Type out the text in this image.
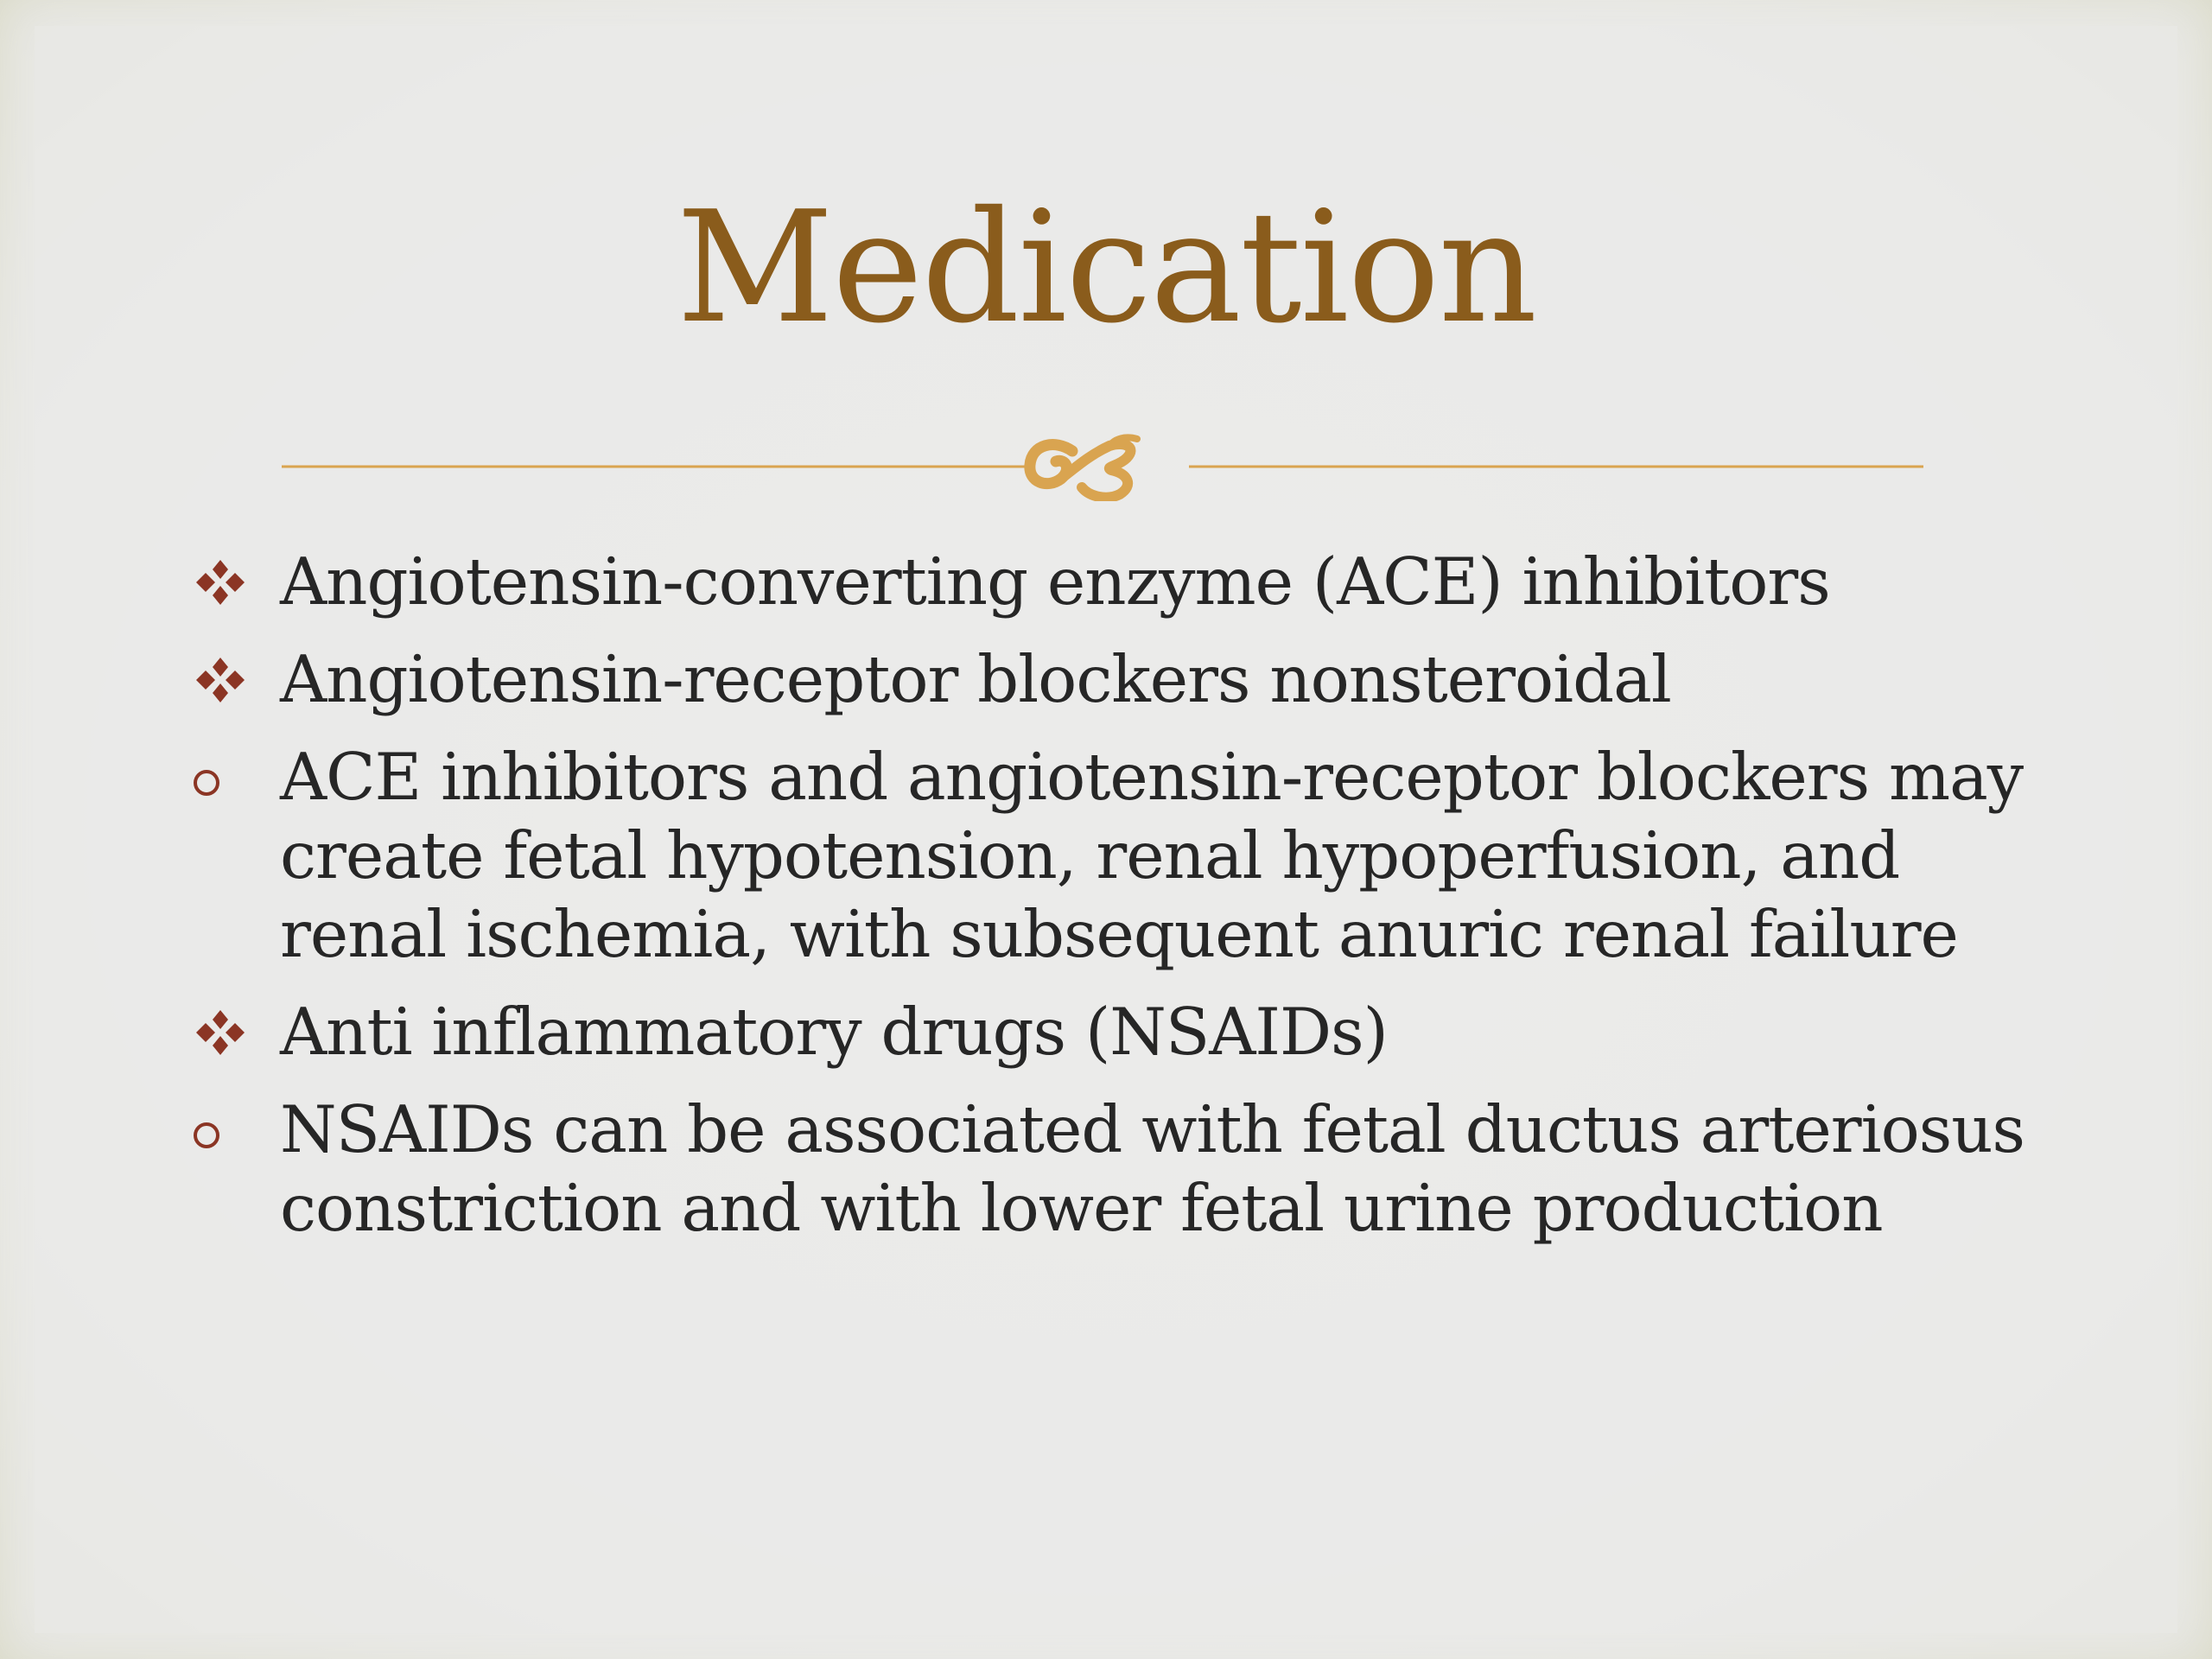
Medication
Angiotensin-converting enzyme (ACE) inhibitors
Angiotensin-receptor blockers nonsteroidal
ACE inhibitors and angiotensin-receptor blockers may create fetal hypotension, renal hypoperfusion, and renal ischemia, with subsequent anuric renal failure
Anti inflammatory drugs (NSAIDs)
NSAIDs can be associated with fetal ductus arteriosus constriction and with lower fetal urine production
